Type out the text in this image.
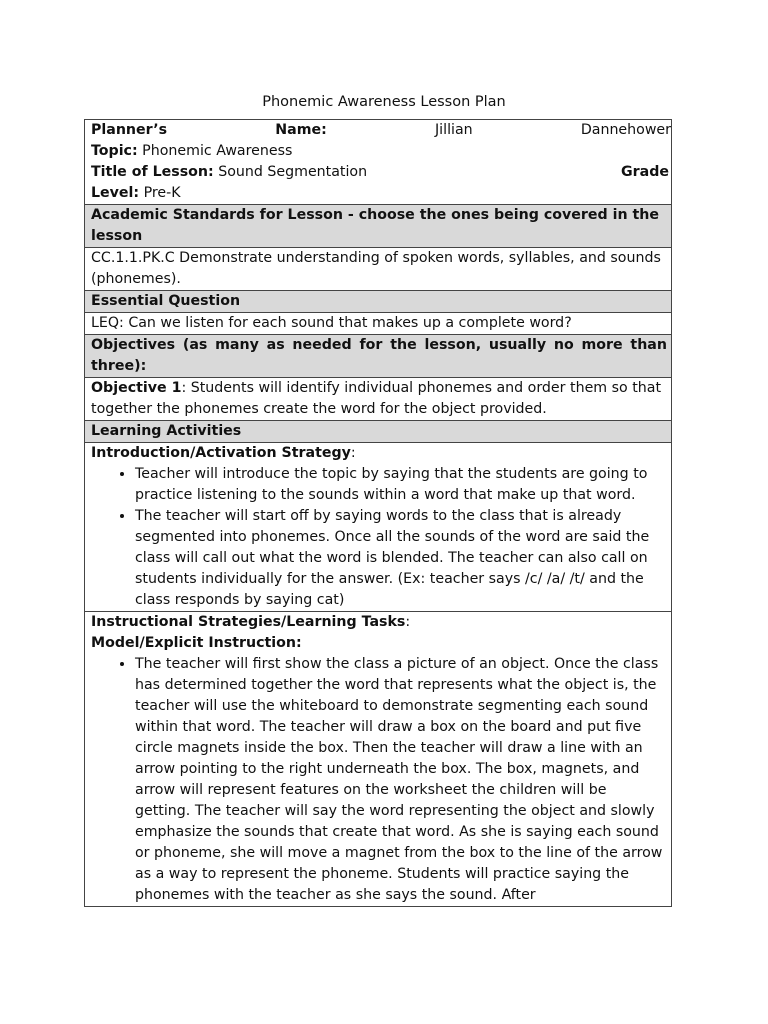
Phonemic Awareness Lesson Plan
Planner’s	Name:	Jillian	Dannehower
Topic: Phonemic Awareness
Title of Lesson: Sound Segmentation	Grade
Level: Pre-K
Academic Standards for Lesson - choose the ones being covered in the lesson
CC.1.1.PK.C Demonstrate understanding of spoken words, syllables, and sounds (phonemes).
Essential Question
LEQ: Can we listen for each sound that makes up a complete word?
Objectives (as many as needed for the lesson, usually no more than three):
Objective 1: Students will identify individual phonemes and order them so that together the phonemes create the word for the object provided.
Learning Activities
Introduction/Activation Strategy:
• Teacher will introduce the topic by saying that the students are going to practice listening to the sounds within a word that make up that word.
• The teacher will start off by saying words to the class that is already segmented into phonemes. Once all the sounds of the word are said the class will call out what the word is blended. The teacher can also call on students individually for the answer. (Ex: teacher says /c/ /a/ /t/ and the class responds by saying cat)
Instructional Strategies/Learning Tasks:
Model/Explicit Instruction:
• The teacher will first show the class a picture of an object. Once the class has determined together the word that represents what the object is, the teacher will use the whiteboard to demonstrate segmenting each sound within that word. The teacher will draw a box on the board and put five circle magnets inside the box. Then the teacher will draw a line with an arrow pointing to the right underneath the box. The box, magnets, and arrow will represent features on the worksheet the children will be getting. The teacher will say the word representing the object and slowly emphasize the sounds that create that word. As she is saying each sound or phoneme, she will move a magnet from the box to the line of the arrow as a way to represent the phoneme. Students will practice saying the phonemes with the teacher as she says the sound. After
